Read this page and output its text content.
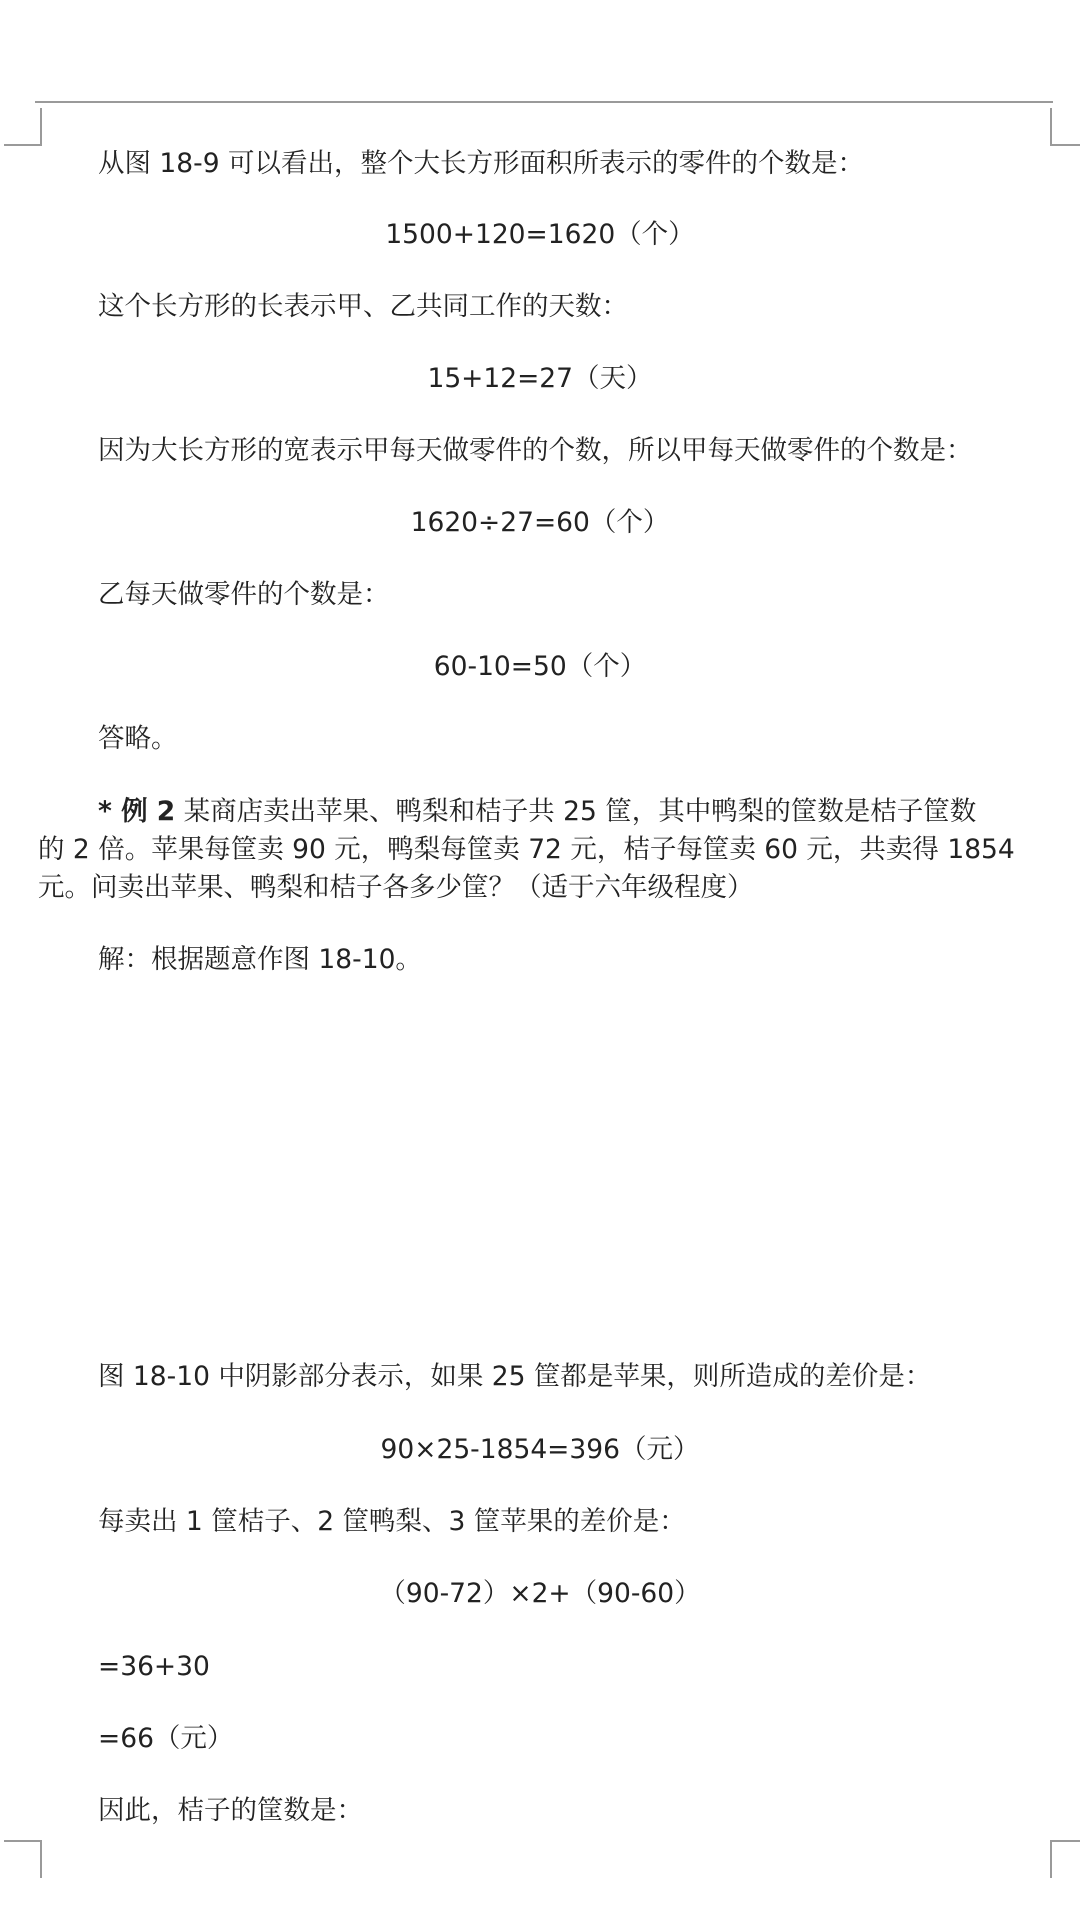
从图 18-9 可以看出，整个大长方形面积所表示的零件的个数是：
1500+120=1620（个）
这个长方形的长表示甲、乙共同工作的天数：
15+12=27（天）
因为大长方形的宽表示甲每天做零件的个数，所以甲每天做零件的个数是：
1620÷27=60（个）
乙每天做零件的个数是：
60-10=50（个）
答略。
* 例 2 某商店卖出苹果、鸭梨和桔子共 25 筐，其中鸭梨的筐数是桔子筐数
的 2 倍。苹果每筐卖 90 元，鸭梨每筐卖 72 元，桔子每筐卖 60 元，共卖得 1854
元。问卖出苹果、鸭梨和桔子各多少筐？（适于六年级程度）
解：根据题意作图 18-10。
图 18-10 中阴影部分表示，如果 25 筐都是苹果，则所造成的差价是：
90×25-1854=396（元）
每卖出 1 筐桔子、2 筐鸭梨、3 筐苹果的差价是：
（90-72）×2+（90-60）
=36+30
=66（元）
因此，桔子的筐数是：
